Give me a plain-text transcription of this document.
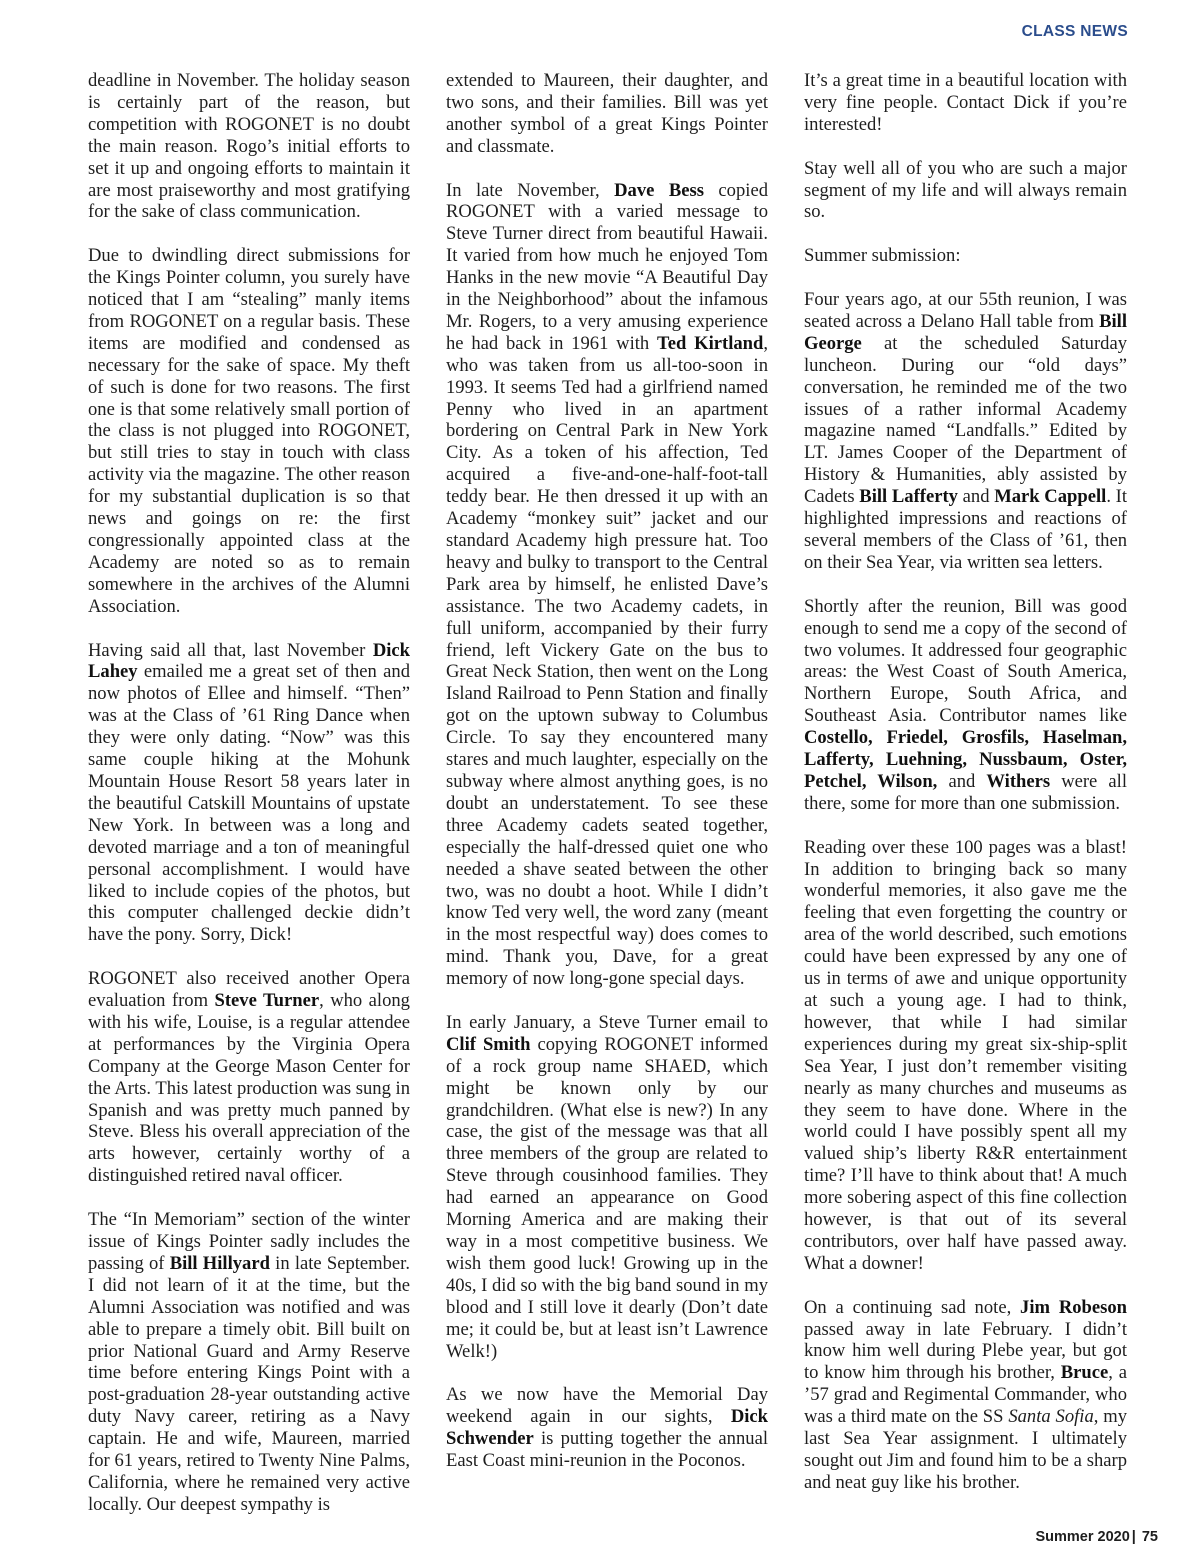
CLASS NEWS

deadline in November. The holiday season is certainly part of the reason, but competition with ROGONET is no doubt the main reason. Rogo’s initial efforts to set it up and ongoing efforts to maintain it are most praiseworthy and most gratifying for the sake of class communication.

Due to dwindling direct submissions for the Kings Pointer column, you surely have noticed that I am “stealing” manly items from ROGONET on a regular basis. These items are modified and condensed as necessary for the sake of space. My theft of such is done for two reasons. The first one is that some relatively small portion of the class is not plugged into ROGONET, but still tries to stay in touch with class activity via the magazine. The other reason for my substantial duplication is so that news and goings on re: the first congressionally appointed class at the Academy are noted so as to remain somewhere in the archives of the Alumni Association.

Having said all that, last November Dick Lahey emailed me a great set of then and now photos of Ellee and himself. “Then” was at the Class of ’61 Ring Dance when they were only dating. “Now” was this same couple hiking at the Mohunk Mountain House Resort 58 years later in the beautiful Catskill Mountains of upstate New York. In between was a long and devoted marriage and a ton of meaningful personal accomplishment. I would have liked to include copies of the photos, but this computer challenged deckie didn’t have the pony. Sorry, Dick!

ROGONET also received another Opera evaluation from Steve Turner, who along with his wife, Louise, is a regular attendee at performances by the Virginia Opera Company at the George Mason Center for the Arts. This latest production was sung in Spanish and was pretty much panned by Steve. Bless his overall appreciation of the arts however, certainly worthy of a distinguished retired naval officer.

The “In Memoriam” section of the winter issue of Kings Pointer sadly includes the passing of Bill Hillyard in late September. I did not learn of it at the time, but the Alumni Association was notified and was able to prepare a timely obit. Bill built on prior National Guard and Army Reserve time before entering Kings Point with a post-graduation 28-year outstanding active duty Navy career, retiring as a Navy captain. He and wife, Maureen, married for 61 years, retired to Twenty Nine Palms, California, where he remained very active locally. Our deepest sympathy is

extended to Maureen, their daughter, and two sons, and their families. Bill was yet another symbol of a great Kings Pointer and classmate.

In late November, Dave Bess copied ROGONET with a varied message to Steve Turner direct from beautiful Hawaii. It varied from how much he enjoyed Tom Hanks in the new movie “A Beautiful Day in the Neighborhood” about the infamous Mr. Rogers, to a very amusing experience he had back in 1961 with Ted Kirtland, who was taken from us all-too-soon in 1993. It seems Ted had a girlfriend named Penny who lived in an apartment bordering on Central Park in New York City. As a token of his affection, Ted acquired a five-and-one-half-foot-tall teddy bear. He then dressed it up with an Academy “monkey suit” jacket and our standard Academy high pressure hat. Too heavy and bulky to transport to the Central Park area by himself, he enlisted Dave’s assistance. The two Academy cadets, in full uniform, accompanied by their furry friend, left Vickery Gate on the bus to Great Neck Station, then went on the Long Island Railroad to Penn Station and finally got on the uptown subway to Columbus Circle. To say they encountered many stares and much laughter, especially on the subway where almost anything goes, is no doubt an understatement. To see these three Academy cadets seated together, especially the half-dressed quiet one who needed a shave seated between the other two, was no doubt a hoot. While I didn’t know Ted very well, the word zany (meant in the most respectful way) does comes to mind. Thank you, Dave, for a great memory of now long-gone special days.

In early January, a Steve Turner email to Clif Smith copying ROGONET informed of a rock group name SHAED, which might be known only by our grandchildren. (What else is new?) In any case, the gist of the message was that all three members of the group are related to Steve through cousinhood families. They had earned an appearance on Good Morning America and are making their way in a most competitive business. We wish them good luck! Growing up in the 40s, I did so with the big band sound in my blood and I still love it dearly (Don’t date me; it could be, but at least isn’t Lawrence Welk!)

As we now have the Memorial Day weekend again in our sights, Dick Schwender is putting together the annual East Coast mini-reunion in the Poconos.

It’s a great time in a beautiful location with very fine people. Contact Dick if you’re interested!

Stay well all of you who are such a major segment of my life and will always remain so.

Summer submission:

Four years ago, at our 55th reunion, I was seated across a Delano Hall table from Bill George at the scheduled Saturday luncheon. During our “old days” conversation, he reminded me of the two issues of a rather informal Academy magazine named “Landfalls.” Edited by LT. James Cooper of the Department of History & Humanities, ably assisted by Cadets Bill Lafferty and Mark Cappell. It highlighted impressions and reactions of several members of the Class of ’61, then on their Sea Year, via written sea letters.

Shortly after the reunion, Bill was good enough to send me a copy of the second of two volumes. It addressed four geographic areas: the West Coast of South America, Northern Europe, South Africa, and Southeast Asia. Contributor names like Costello, Friedel, Grosfils, Haselman, Lafferty, Luehning, Nussbaum, Oster, Petchel, Wilson, and Withers were all there, some for more than one submission.

Reading over these 100 pages was a blast! In addition to bringing back so many wonderful memories, it also gave me the feeling that even forgetting the country or area of the world described, such emotions could have been expressed by any one of us in terms of awe and unique opportunity at such a young age. I had to think, however, that while I had similar experiences during my great six-ship-split Sea Year, I just don’t remember visiting nearly as many churches and museums as they seem to have done. Where in the world could I have possibly spent all my valued ship’s liberty R&R entertainment time? I’ll have to think about that! A much more sobering aspect of this fine collection however, is that out of its several contributors, over half have passed away. What a downer!

On a continuing sad note, Jim Robeson passed away in late February. I didn’t know him well during Plebe year, but got to know him through his brother, Bruce, a ’57 grad and Regimental Commander, who was a third mate on the SS Santa Sofia, my last Sea Year assignment. I ultimately sought out Jim and found him to be a sharp and neat guy like his brother.

Summer 2020 | 75
